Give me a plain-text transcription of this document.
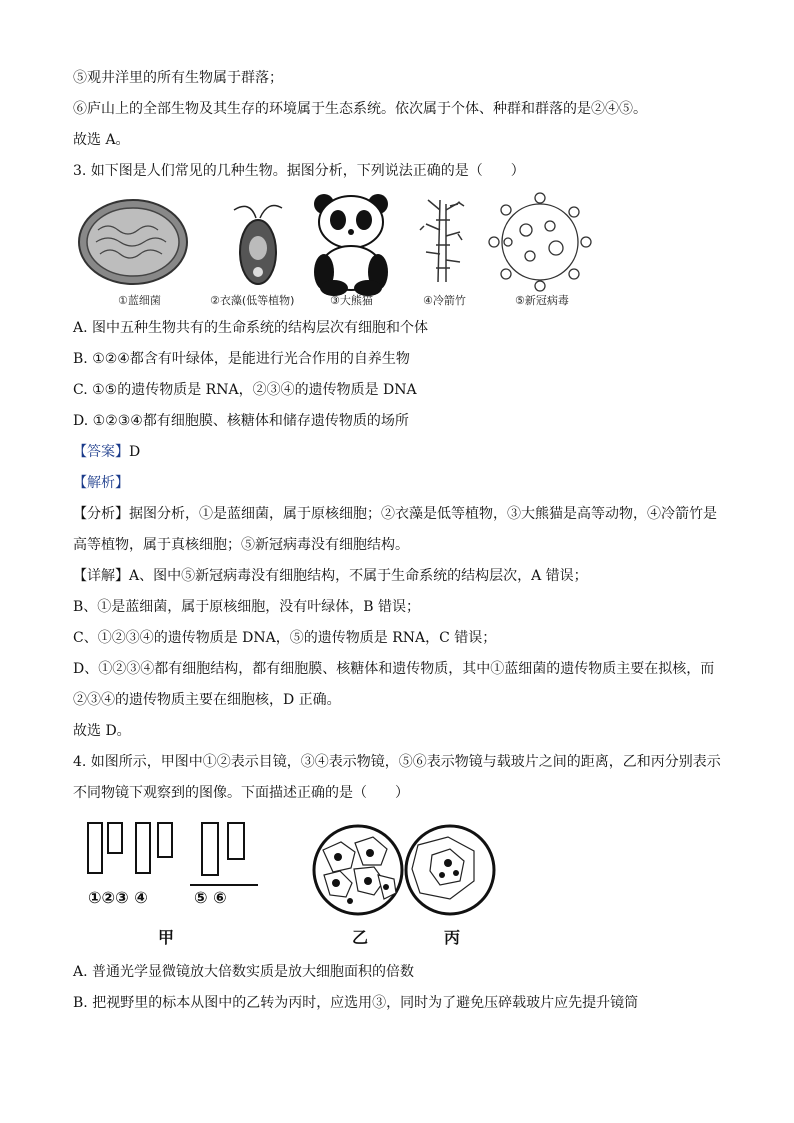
⑤观井洋里的所有生物属于群落；
⑥庐山上的全部生物及其生存的环境属于生态系统。依次属于个体、种群和群落的是②④⑤。
故选 A。
3. 如下图是人们常见的几种生物。据图分析，下列说法正确的是（　　）
①蓝细菌	②衣藻(低等植物)	③大熊猫	④冷箭竹	⑤新冠病毒
A. 图中五种生物共有的生命系统的结构层次有细胞和个体
B. ①②④都含有叶绿体，是能进行光合作用的自养生物
C. ①⑤的遗传物质是 RNA，②③④的遗传物质是 DNA
D. ①②③④都有细胞膜、核糖体和储存遗传物质的场所
【答案】D
【解析】
【分析】据图分析，①是蓝细菌，属于原核细胞；②衣藻是低等植物，③大熊猫是高等动物，④冷箭竹是
高等植物，属于真核细胞；⑤新冠病毒没有细胞结构。
【详解】A、图中⑤新冠病毒没有细胞结构，不属于生命系统的结构层次，A 错误；
B、①是蓝细菌，属于原核细胞，没有叶绿体，B 错误；
C、①②③④的遗传物质是 DNA，⑤的遗传物质是 RNA，C 错误；
D、①②③④都有细胞结构，都有细胞膜、核糖体和遗传物质，其中①蓝细菌的遗传物质主要在拟核，而
②③④的遗传物质主要在细胞核，D 正确。
故选 D。
4. 如图所示，甲图中①②表示目镜，③④表示物镜，⑤⑥表示物镜与载玻片之间的距离，乙和丙分别表示
不同物镜下观察到的图像。下面描述正确的是（　　）
①②③ ④	⑤ ⑥
甲	乙	丙
A. 普通光学显微镜放大倍数实质是放大细胞面积的倍数
B. 把视野里的标本从图中的乙转为丙时，应选用③，同时为了避免压碎载玻片应先提升镜筒
